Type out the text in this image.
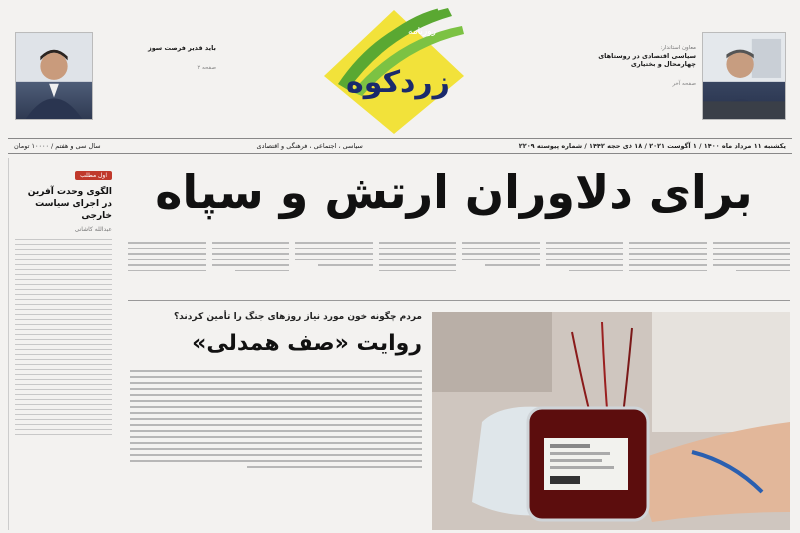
باید قدیر فرصت سوز
صفحه ۲	زردکوه
روزنامه
معاون استاندار:
سیاسی اقتصادی در روستاهای چهارمحال و بختیاری
صفحه آخر
یکشنبه ۱۱ مرداد ماه ۱۴۰۰ / ۱ آگوست ۲۰۲۱ / ۱۸ ذی حجه ۱۴۴۲ / شماره پیوسته ۲۲۰۹
سیاسی ، اجتماعی ، فرهنگی و اقتصادی
سال سی و هفتم / ۱۰۰۰۰ تومان
برای دلاوران ارتش و سپاه
اول مطلب
الگوی وحدت آفرین در اجرای سیاست خارجی
عبدالله کاشانی
مردم چگونه خون مورد نیاز روزهای جنگ را تأمین کردند؟
روایت «صف همدلی»
